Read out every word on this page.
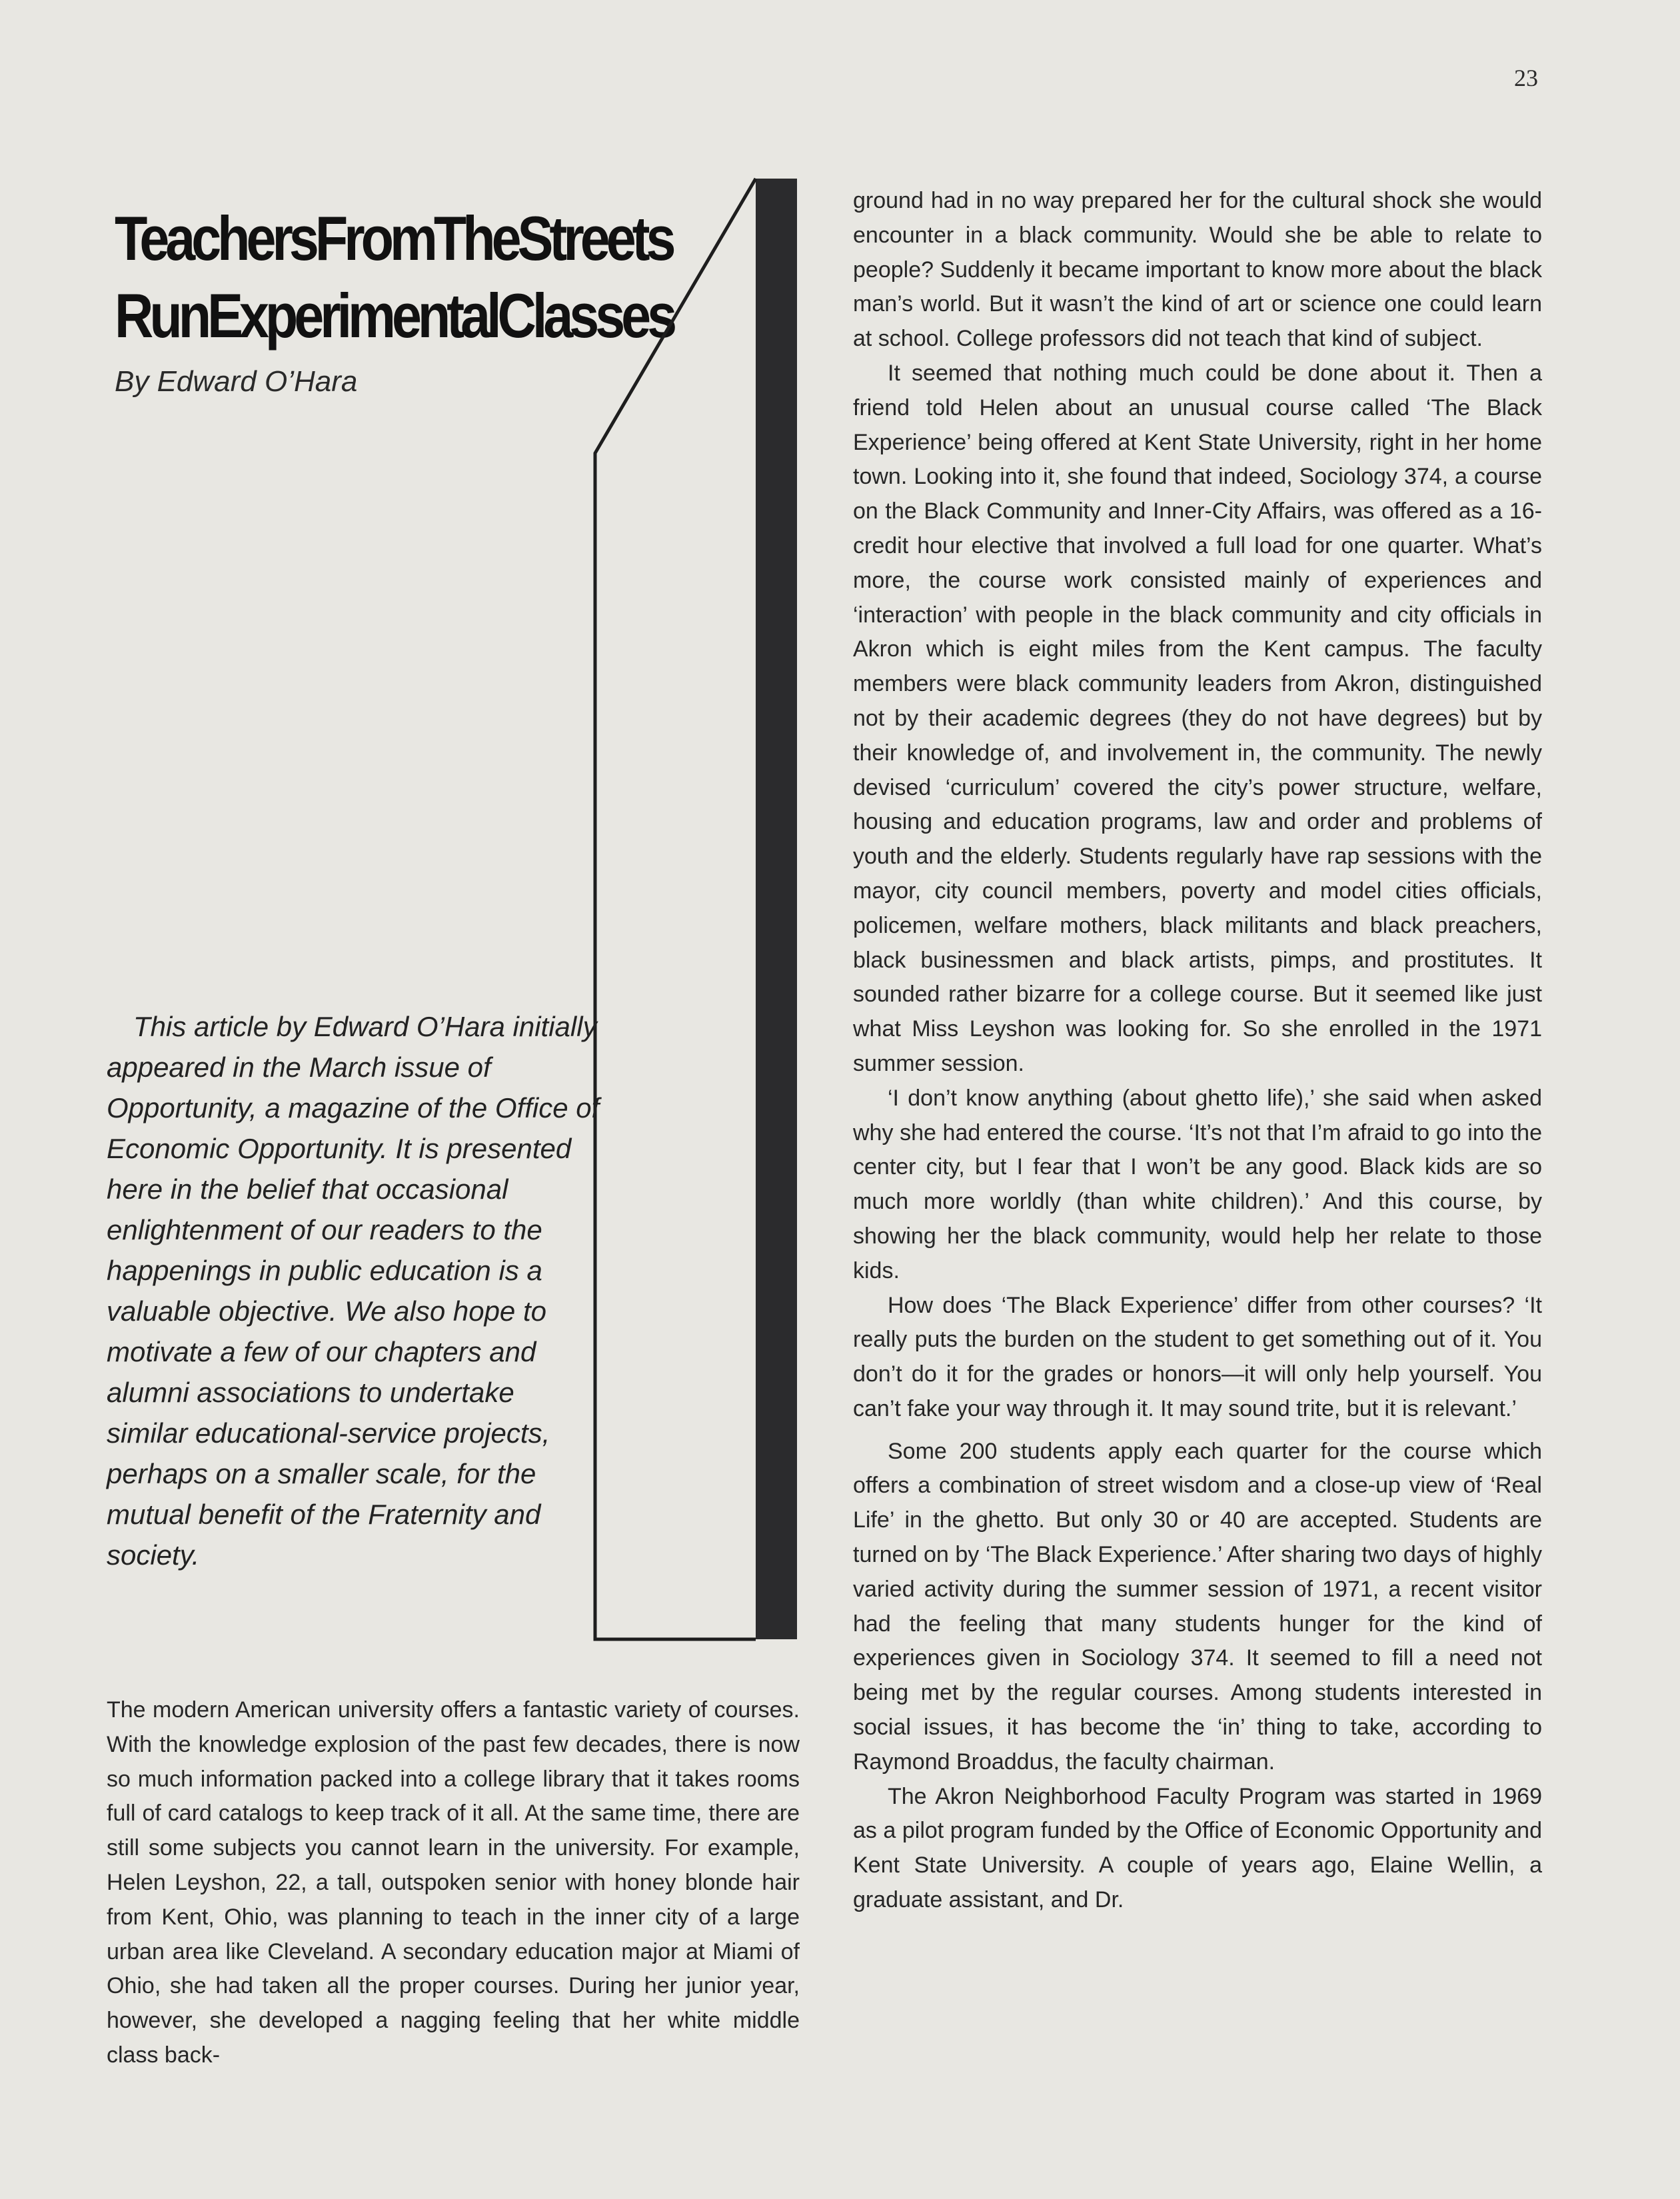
23
TeachersFromTheStreets
RunExperimentalClasses
By Edward O’Hara

This article by Edward O’Hara initially appeared in the March issue of Opportunity, a magazine of the Office of Economic Opportunity. It is presented here in the belief that occasional enlightenment of our readers to the happenings in public education is a valuable objective. We also hope to motivate a few of our chapters and alumni associations to undertake similar educational-service projects, perhaps on a smaller scale, for the mutual benefit of the Fraternity and society.

The modern American university offers a fantastic variety of courses. With the knowledge explosion of the past few decades, there is now so much information packed into a college library that it takes rooms full of card catalogs to keep track of it all. At the same time, there are still some subjects you cannot learn in the university. For example, Helen Leyshon, 22, a tall, outspoken senior with honey blonde hair from Kent, Ohio, was planning to teach in the inner city of a large urban area like Cleveland. A secondary education major at Miami of Ohio, she had taken all the proper courses. During her junior year, however, she developed a nagging feeling that her white middle class back-

ground had in no way prepared her for the cultural shock she would encounter in a black community. Would she be able to relate to people? Suddenly it became important to know more about the black man’s world. But it wasn’t the kind of art or science one could learn at school. College professors did not teach that kind of subject.

It seemed that nothing much could be done about it. Then a friend told Helen about an unusual course called ‘The Black Experience’ being offered at Kent State University, right in her home town. Looking into it, she found that indeed, Sociology 374, a course on the Black Community and Inner-City Affairs, was offered as a 16-credit hour elective that involved a full load for one quarter. What’s more, the course work consisted mainly of experiences and ‘interaction’ with people in the black community and city officials in Akron which is eight miles from the Kent campus. The faculty members were black community leaders from Akron, distinguished not by their academic degrees (they do not have degrees) but by their knowledge of, and involvement in, the community. The newly devised ‘curriculum’ covered the city’s power structure, welfare, housing and education programs, law and order and problems of youth and the elderly. Students regularly have rap sessions with the mayor, city council members, poverty and model cities officials, policemen, welfare mothers, black militants and black preachers, black businessmen and black artists, pimps, and prostitutes. It sounded rather bizarre for a college course. But it seemed like just what Miss Leyshon was looking for. So she enrolled in the 1971 summer session.

‘I don’t know anything (about ghetto life),’ she said when asked why she had entered the course. ‘It’s not that I’m afraid to go into the center city, but I fear that I won’t be any good. Black kids are so much more worldly (than white children).’ And this course, by showing her the black community, would help her relate to those kids.

How does ‘The Black Experience’ differ from other courses? ‘It really puts the burden on the student to get something out of it. You don’t do it for the grades or honors—it will only help yourself. You can’t fake your way through it. It may sound trite, but it is relevant.’

Some 200 students apply each quarter for the course which offers a combination of street wisdom and a close-up view of ‘Real Life’ in the ghetto. But only 30 or 40 are accepted. Students are turned on by ‘The Black Experience.’ After sharing two days of highly varied activity during the summer session of 1971, a recent visitor had the feeling that many students hunger for the kind of experiences given in Sociology 374. It seemed to fill a need not being met by the regular courses. Among students interested in social issues, it has become the ‘in’ thing to take, according to Raymond Broaddus, the faculty chairman.

The Akron Neighborhood Faculty Program was started in 1969 as a pilot program funded by the Office of Economic Opportunity and Kent State University. A couple of years ago, Elaine Wellin, a graduate assistant, and Dr.
